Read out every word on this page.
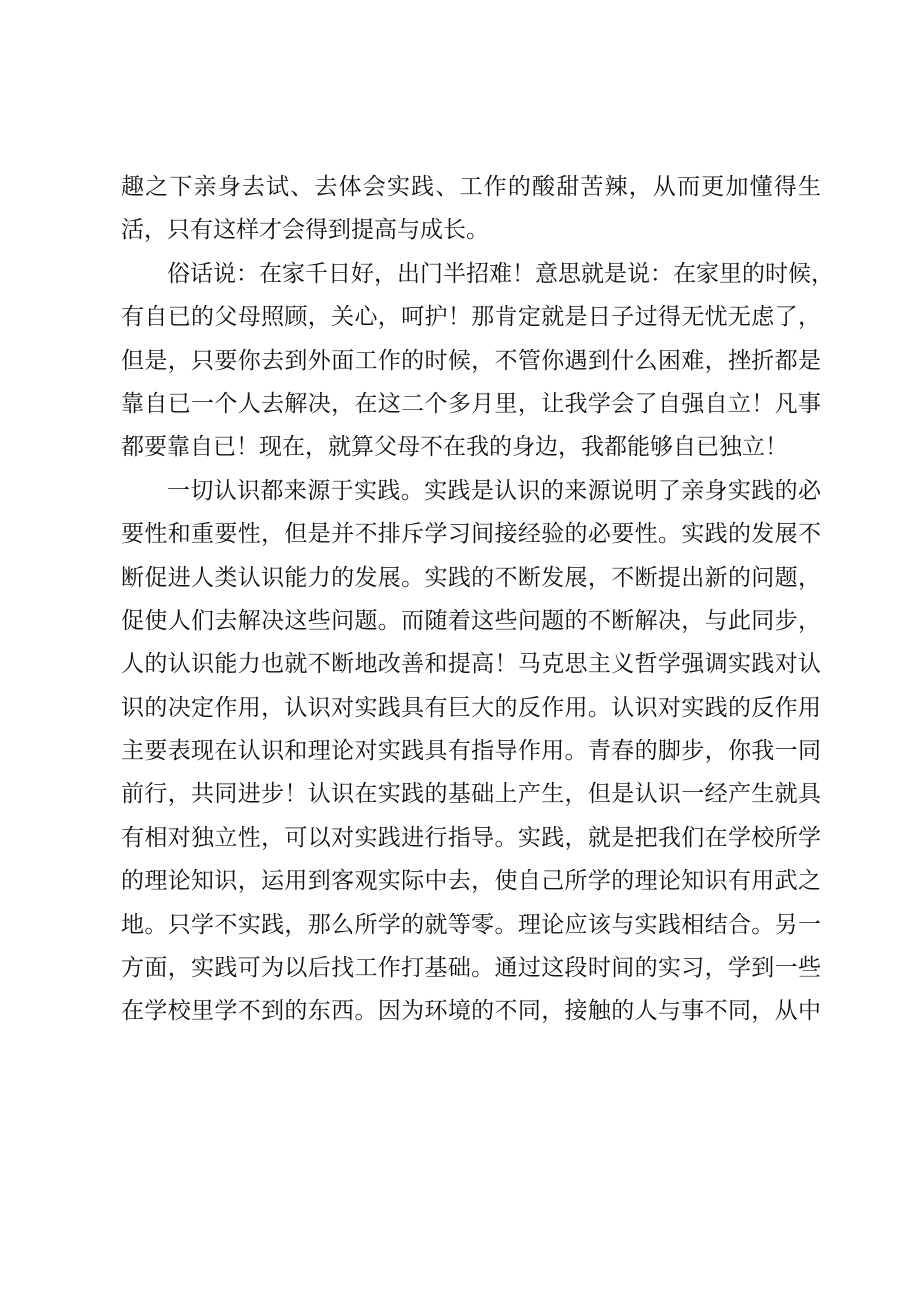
趣之下亲身去试、去体会实践、工作的酸甜苦辣，从而更加懂得生
活，只有这样才会得到提高与成长。
俗话说：在家千日好，出门半招难！意思就是说：在家里的时候，
有自已的父母照顾，关心，呵护！那肯定就是日子过得无忧无虑了，
但是，只要你去到外面工作的时候，不管你遇到什么困难，挫折都是
靠自已一个人去解决，在这二个多月里，让我学会了自强自立！凡事
都要靠自已！现在，就算父母不在我的身边，我都能够自已独立！
一切认识都来源于实践。实践是认识的来源说明了亲身实践的必
要性和重要性，但是并不排斥学习间接经验的必要性。实践的发展不
断促进人类认识能力的发展。实践的不断发展，不断提出新的问题，
促使人们去解决这些问题。而随着这些问题的不断解决，与此同步，
人的认识能力也就不断地改善和提高！马克思主义哲学强调实践对认
识的决定作用，认识对实践具有巨大的反作用。认识对实践的反作用
主要表现在认识和理论对实践具有指导作用。青春的脚步，你我一同
前行，共同进步！认识在实践的基础上产生，但是认识一经产生就具
有相对独立性，可以对实践进行指导。实践，就是把我们在学校所学
的理论知识，运用到客观实际中去，使自己所学的理论知识有用武之
地。只学不实践，那么所学的就等零。理论应该与实践相结合。另一
方面，实践可为以后找工作打基础。通过这段时间的实习，学到一些
在学校里学不到的东西。因为环境的不同，接触的人与事不同，从中
